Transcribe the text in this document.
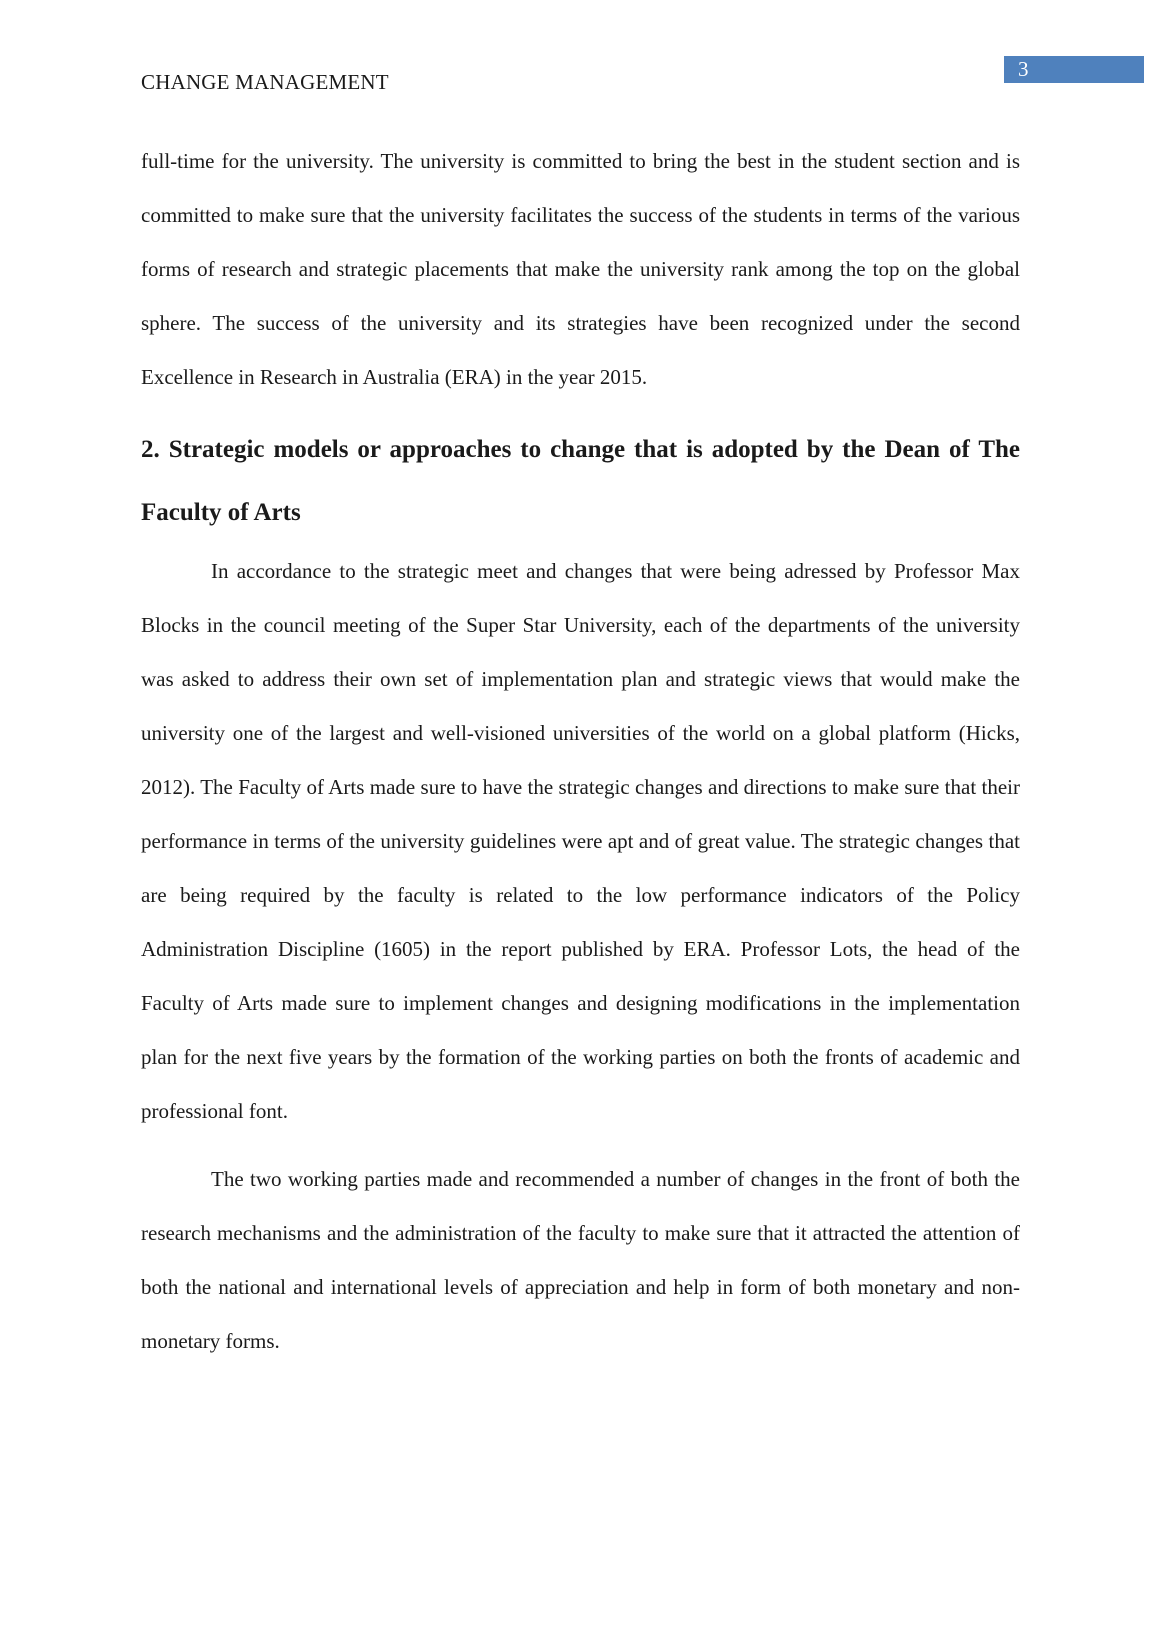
3
CHANGE MANAGEMENT

full-time for the university. The university is committed to bring the best in the student section and is committed to make sure that the university facilitates the success of the students in terms of the various forms of research and strategic placements that make the university rank among the top on the global sphere. The success of the university and its strategies have been recognized under the second Excellence in Research in Australia (ERA) in the year 2015.

2. Strategic models or approaches to change that is adopted by the Dean of The Faculty of Arts

In accordance to the strategic meet and changes that were being adressed by Professor Max Blocks in the council meeting of the Super Star University, each of the departments of the university was asked to address their own set of implementation plan and strategic views that would make the university one of the largest and well-visioned universities of the world on a global platform (Hicks, 2012). The Faculty of Arts made sure to have the strategic changes and directions to make sure that their performance in terms of the university guidelines were apt and of great value. The strategic changes that are being required by the faculty is related to the low performance indicators of the Policy Administration Discipline (1605) in the report published by ERA. Professor Lots, the head of the Faculty of Arts made sure to implement changes and designing modifications in the implementation plan for the next five years by the formation of the working parties on both the fronts of academic and professional font.

The two working parties made and recommended a number of changes in the front of both the research mechanisms and the administration of the faculty to make sure that it attracted the attention of both the national and international levels of appreciation and help in form of both monetary and non-monetary forms.
